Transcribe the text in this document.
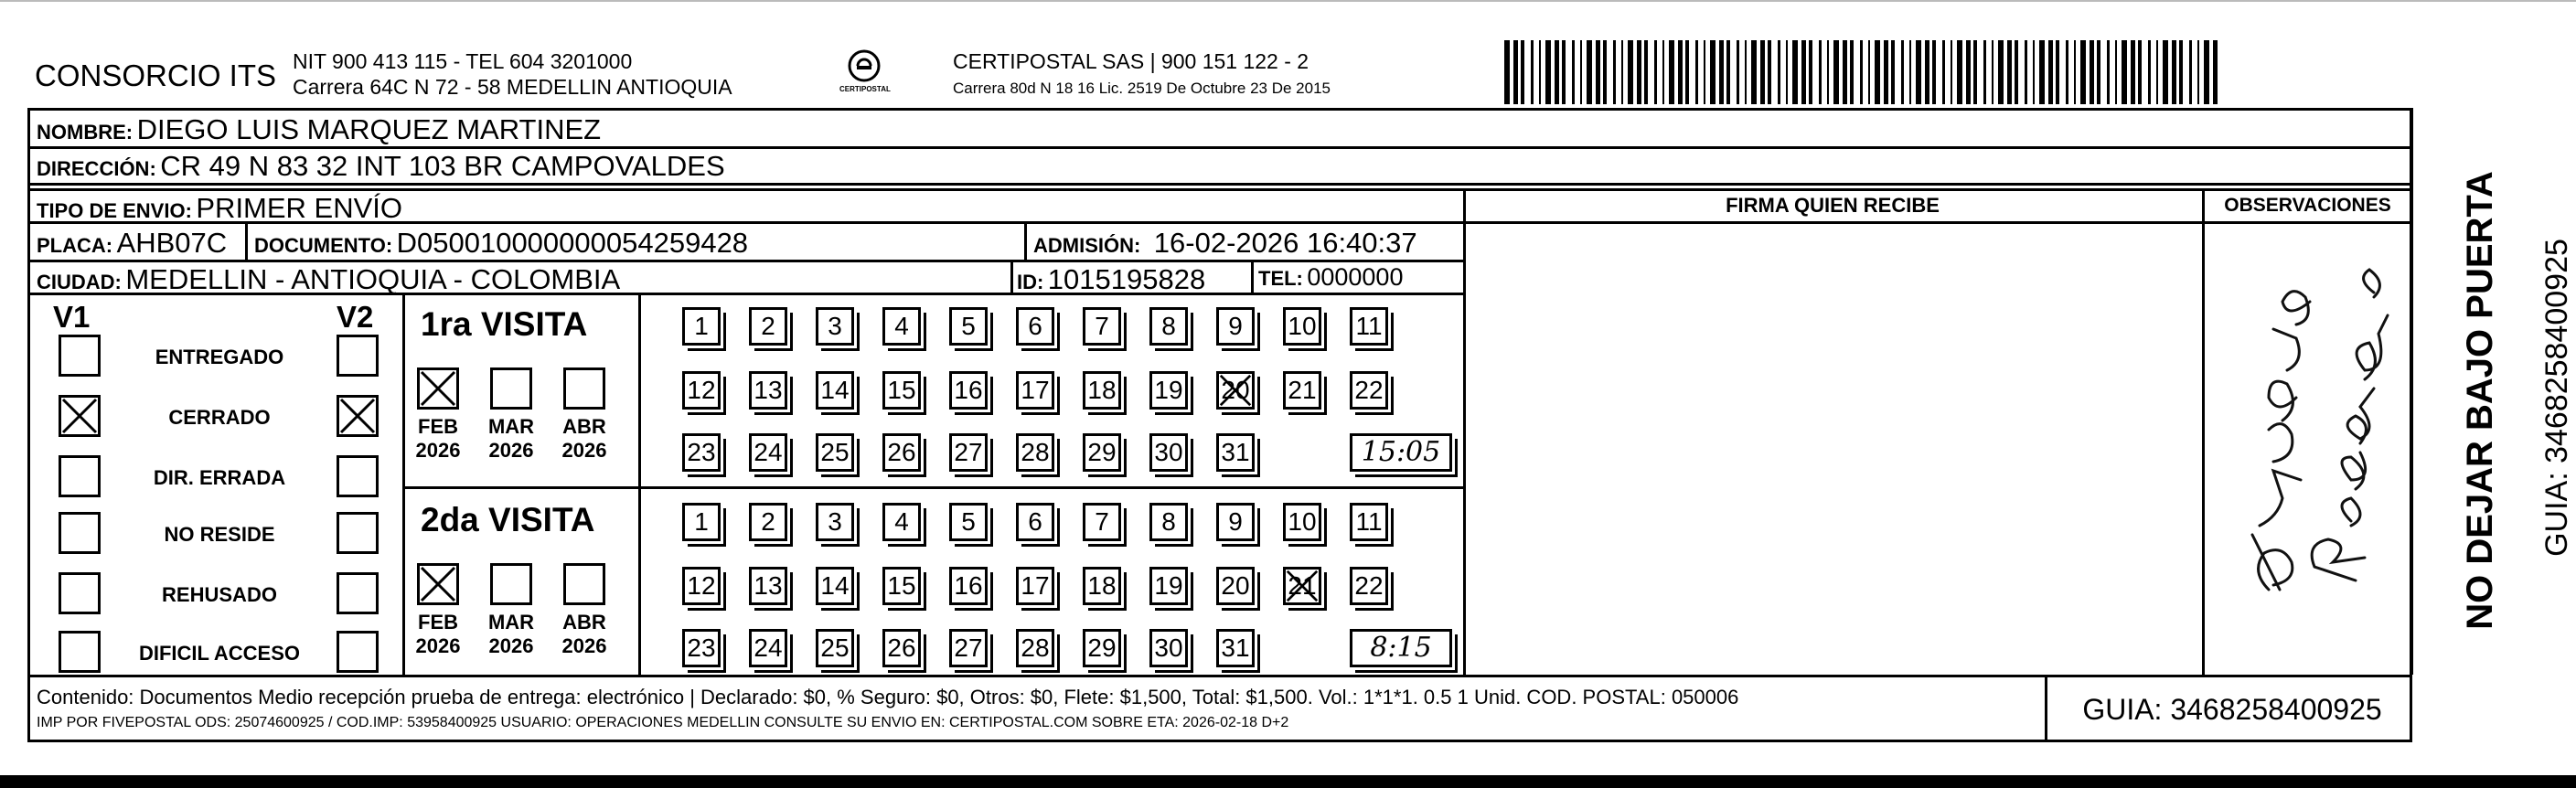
CONSORCIO ITS NIT 900 413 115 - TEL 604 3201000
Carrera 64C N 72 - 58 MEDELLIN ANTIOQUIA	CERTIPOSTAL
CERTIPOSTAL SAS | 900 151 122 - 2
Carrera 80d N 18 16 Lic. 2519 De Octubre 23 De 2015
NOMBRE: DIEGO LUIS MARQUEZ MARTINEZ
DIRECCIÓN: CR 49 N 83 32 INT 103 BR CAMPOVALDES
TIPO DE ENVIO: PRIMER ENVÍO
PLACA: AHB07C DOCUMENTO: D050010000000054259428	ADMISIÓN: 16-02-2026 16:40:37
CIUDAD: MEDELLIN - ANTIOQUIA - COLOMBIA	ID: 1015195828	TEL: 0000000
FIRMA QUIEN RECIBE	OBSERVACIONES	NO DEJAR BAJO PUERTA GUIA: 3468258400925
V1	V2
ENTREGADO
CERRADO
DIR. ERRADA
NO RESIDE
REHUSADO
DIFICIL ACCESO
1ra VISITA
FEB
2026
MAR
2026
ABR
2026
1	2	3	4	5	6	7	8	9	10 11
12 13 14 15 16 17 18 19 20 21 22
23 24 25 26 27 28 29 30 31	15:05
2da VISITA
FEB
2026
MAR
2026
ABR
2026
1	2	3	4	5	6	7	8	9	10 11
12 13 14 15 16 17 18 19 20 21 22
23 24 25 26 27 28 29 30 31	8:15
Contenido: Documentos Medio recepción prueba de entrega: electrónico | Declarado: $0, % Seguro: $0, Otros: $0, Flete: $1,500, Total: $1,500. Vol.: 1*1*1. 0.5 1 Unid. COD. POSTAL: 050006
IMP POR FIVEPOSTAL ODS: 25074600925 / COD.IMP: 53958400925 USUARIO: OPERACIONES MEDELLIN CONSULTE SU ENVIO EN: CERTIPOSTAL.COM SOBRE ETA: 2026-02-18 D+2	GUIA: 3468258400925
